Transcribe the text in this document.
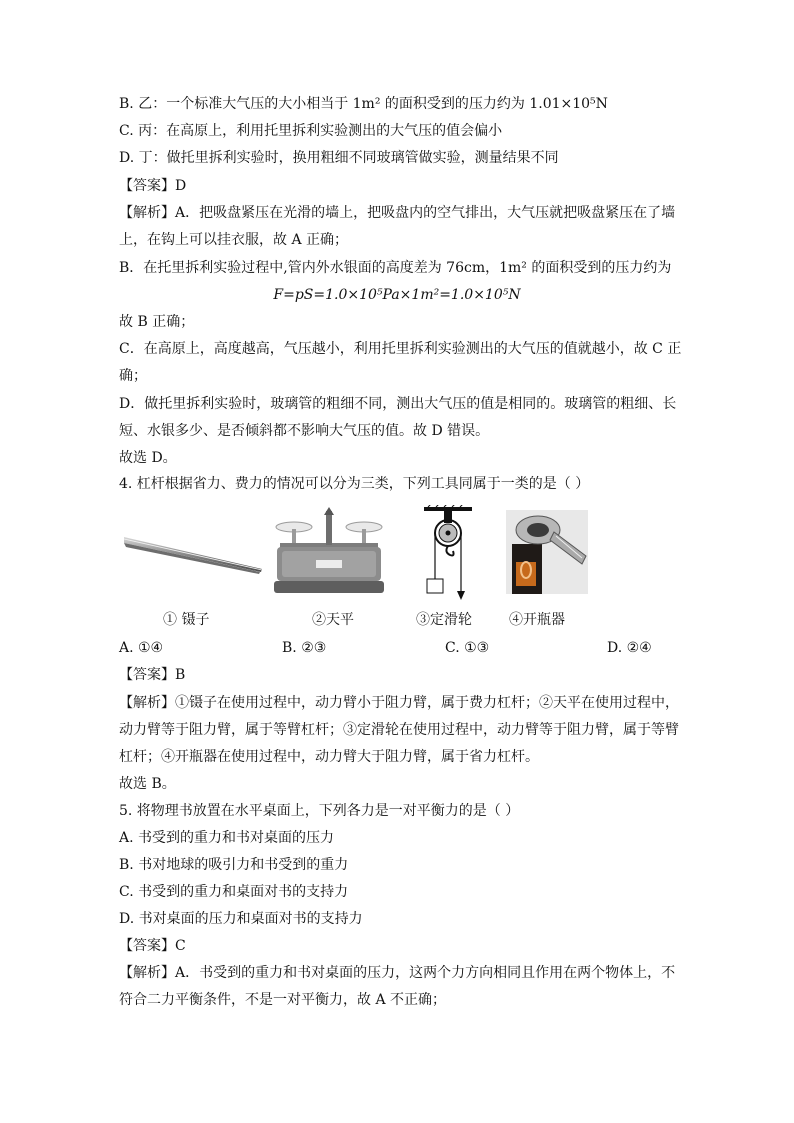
B. 乙：一个标准大气压的大小相当于 1m² 的面积受到的压力约为 1.01×10⁵N
C. 丙：在高原上，利用托里拆利实验测出的大气压的值会偏小
D. 丁：做托里拆利实验时，换用粗细不同玻璃管做实验，测量结果不同
【答案】D
【解析】A．把吸盘紧压在光滑的墙上，把吸盘内的空气排出，大气压就把吸盘紧压在了墙
上，在钩上可以挂衣服，故 A 正确；
B．在托里拆利实验过程中,管内外水银面的高度差为 76cm，1m² 的面积受到的压力约为
F=pS=1.0×10⁵Pa×1m²=1.0×10⁵N
故 B 正确；
C．在高原上，高度越高，气压越小，利用托里拆利实验测出的大气压的值就越小，故 C 正
确；
D．做托里拆利实验时，玻璃管的粗细不同，测出大气压的值是相同的。玻璃管的粗细、长
短、水银多少、是否倾斜都不影响大气压的值。故 D 错误。
故选 D。
4. 杠杆根据省力、费力的情况可以分为三类，下列工具同属于一类的是（ ）
① 镊子	②天平	③定滑轮	④开瓶器
A. ①④	B. ②③	C. ①③	D. ②④
【答案】B
【解析】①镊子在使用过程中，动力臂小于阻力臂，属于费力杠杆；②天平在使用过程中，
动力臂等于阻力臂，属于等臂杠杆；③定滑轮在使用过程中，动力臂等于阻力臂，属于等臂
杠杆；④开瓶器在使用过程中，动力臂大于阻力臂，属于省力杠杆。
故选 B。
5. 将物理书放置在水平桌面上，下列各力是一对平衡力的是（ ）
A. 书受到的重力和书对桌面的压力
B. 书对地球的吸引力和书受到的重力
C. 书受到的重力和桌面对书的支持力
D. 书对桌面的压力和桌面对书的支持力
【答案】C
【解析】A．书受到的重力和书对桌面的压力，这两个力方向相同且作用在两个物体上，不
符合二力平衡条件，不是一对平衡力，故 A 不正确；
